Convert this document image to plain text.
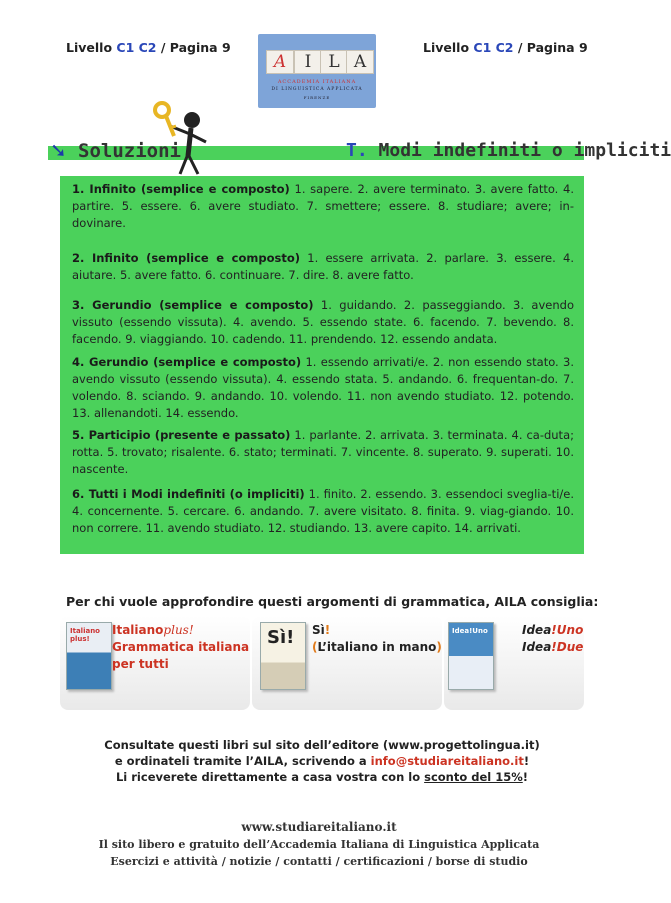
Livello C1 C2 / Pagina 9	Livello C1 C2 / Pagina 9
A	I L A
ACCADEMIA ITALIANA
DI LINGUISTICA APPLICATA
FIRENZE
➘ Soluzioni	T. Modi indefiniti o impliciti
1. Infinito (semplice e composto) 1. sapere. 2. avere terminato. 3. avere fatto. 4. partire. 5. essere. 6. avere studiato. 7. smettere; essere. 8. studiare; avere; in-dovinare.
2. Infinito (semplice e composto) 1. essere arrivata. 2. parlare. 3. essere. 4. aiutare. 5. avere fatto. 6. continuare. 7. dire. 8. avere fatto.
3. Gerundio (semplice e composto) 1. guidando. 2. passeggiando. 3. avendo vissuto (essendo vissuta). 4. avendo. 5. essendo state. 6. facendo. 7. bevendo. 8. facendo. 9. viaggiando. 10. cadendo. 11. prendendo. 12. essendo andata.
4. Gerundio (semplice e composto) 1. essendo arrivati/e. 2. non essendo stato. 3. avendo vissuto (essendo vissuta). 4. essendo stata. 5. andando. 6. frequentan-do. 7. volendo. 8. sciando. 9. andando. 10. volendo. 11. non avendo studiato. 12. potendo. 13. allenandoti. 14. essendo.
5. Participio (presente e passato) 1. parlante. 2. arrivata. 3. terminata. 4. ca-duta; rotta. 5. trovato; risalente. 6. stato; terminati. 7. vincente. 8. superato. 9. superati. 10. nascente.
6. Tutti i Modi indefiniti (o impliciti) 1. finito. 2. essendo. 3. essendoci sveglia-ti/e. 4. concernente. 5. cercare. 6. andando. 7. avere visitato. 8. finita. 9. viag-giando. 10. non correre. 11. avendo studiato. 12. studiando. 13. avere capito. 14. arrivati.
Per chi vuole approfondire questi argomenti di grammatica, AILA consiglia:
Italiano plus!
Italianoplus!
Grammatica italiana
per tutti
Sì! Sì!
(L’italiano in mano)
Idea!Uno	Idea!Uno
Idea!Due
Consultate questi libri sul sito dell’editore (www.progettolingua.it)
e ordinateli tramite l’AILA, scrivendo a info@studiareitaliano.it!
Li riceverete direttamente a casa vostra con lo sconto del 15%!
www.studiareitaliano.it
Il sito libero e gratuito dell’Accademia Italiana di Linguistica Applicata
Esercizi e attività / notizie / contatti / certificazioni / borse di studio
